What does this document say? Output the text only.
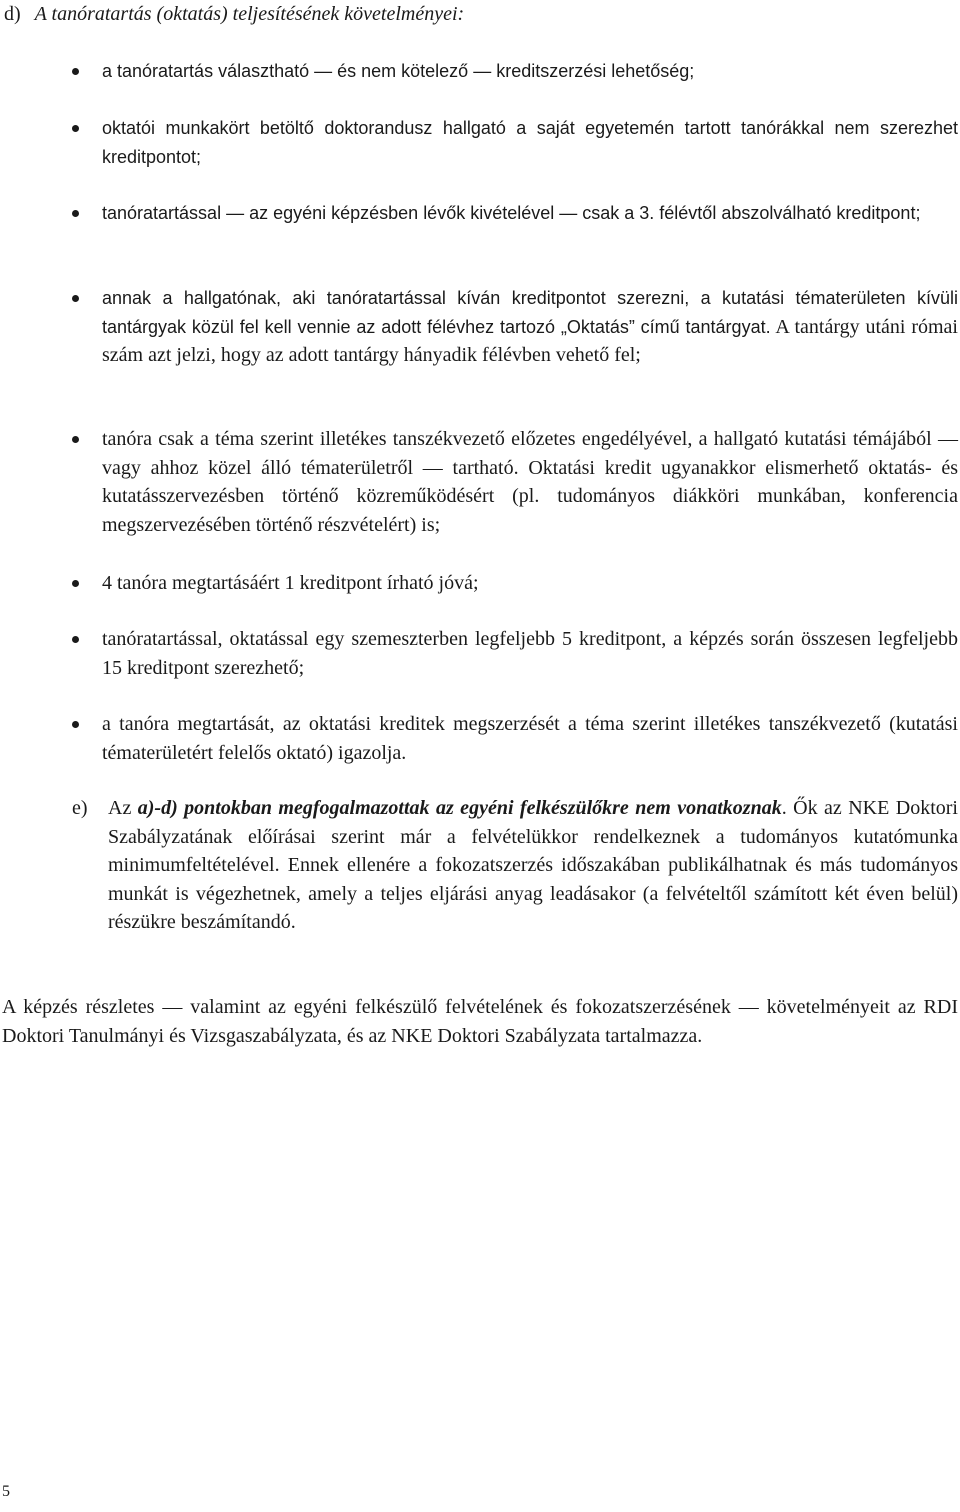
d) A tanóratartás (oktatás) teljesítésének követelményei:
a tanóratartás választható — és nem kötelező — kreditszerzési lehetőség;
oktatói munkakört betöltő doktorandusz hallgató a saját egyetemén tartott tanórákkal nem szerezhet kreditpontot;
tanóratartással — az egyéni képzésben lévők kivételével — csak a 3. félévtől abszolválható kreditpont;
annak a hallgatónak, aki tanóratartással kíván kreditpontot szerezni, a kutatási tématerületen kívüli tantárgyak közül fel kell vennie az adott félévhez tartozó „Oktatás” című tantárgyat. A tantárgy utáni római szám azt jelzi, hogy az adott tantárgy hányadik félévben vehető fel;
tanóra csak a téma szerint illetékes tanszékvezető előzetes engedélyével, a hallgató kutatási témájából — vagy ahhoz közel álló tématerületről — tartható. Oktatási kredit ugyanakkor elismerhető oktatás- és kutatásszervezésben történő közreműködésért (pl. tudományos diákköri munkában, konferencia megszervezésében történő részvételért) is;
4 tanóra megtartásáért 1 kreditpont írható jóvá;
tanóratartással, oktatással egy szemeszterben legfeljebb 5 kreditpont, a képzés során összesen legfeljebb 15 kreditpont szerezhető;
a tanóra megtartását, az oktatási kreditek megszerzését a téma szerint illetékes tanszékvezető (kutatási tématerületért felelős oktató) igazolja.
e) Az a)-d) pontokban megfogalmazottak az egyéni felkészülőkre nem vonatkoznak. Ők az NKE Doktori Szabályzatának előírásai szerint már a felvételükkor rendelkeznek a tudományos kutatómunka minimumfeltételével. Ennek ellenére a fokozatszerzés időszakában publikálhatnak és más tudományos munkát is végezhetnek, amely a teljes eljárási anyag leadásakor (a felvételtől számított két éven belül) részükre beszámítandó.
A képzés részletes — valamint az egyéni felkészülő felvételének és fokozatszerzésének — követelményeit az RDI Doktori Tanulmányi és Vizsgaszabályzata, és az NKE Doktori Szabályzata tartalmazza.
5
